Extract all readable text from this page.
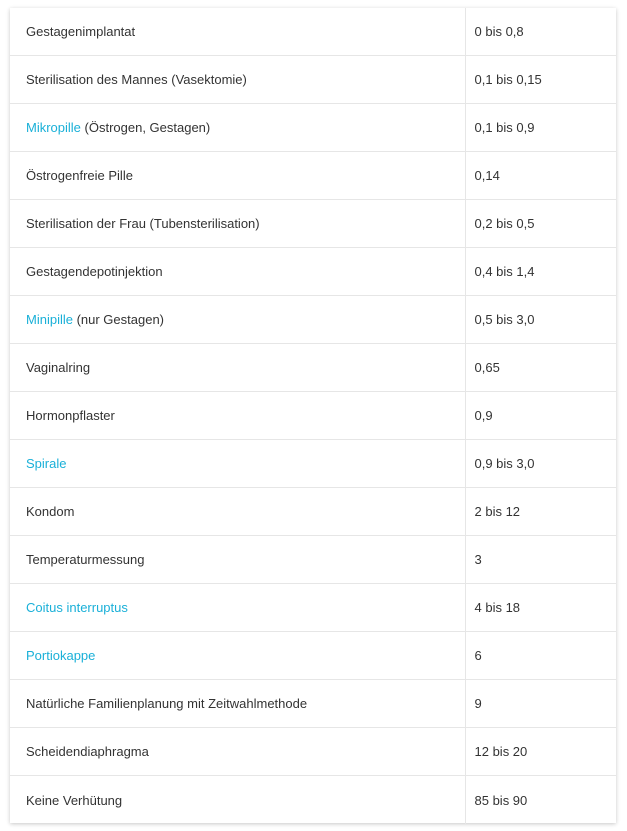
Gestagenimplantat	0 bis 0,8
Sterilisation des Mannes (Vasektomie)	0,1 bis 0,15
Mikropille (Östrogen, Gestagen)	0,1 bis 0,9
Östrogenfreie Pille	0,14
Sterilisation der Frau (Tubensterilisation)	0,2 bis 0,5
Gestagendepotinjektion	0,4 bis 1,4
Minipille (nur Gestagen)	0,5 bis 3,0
Vaginalring	0,65
Hormonpflaster	0,9
Spirale	0,9 bis 3,0
Kondom	2 bis 12
Temperaturmessung	3
Coitus interruptus	4 bis 18
Portiokappe	6
Natürliche Familienplanung mit Zeitwahlmethode	9
Scheidendiaphragma	12 bis 20
Keine Verhütung	85 bis 90
